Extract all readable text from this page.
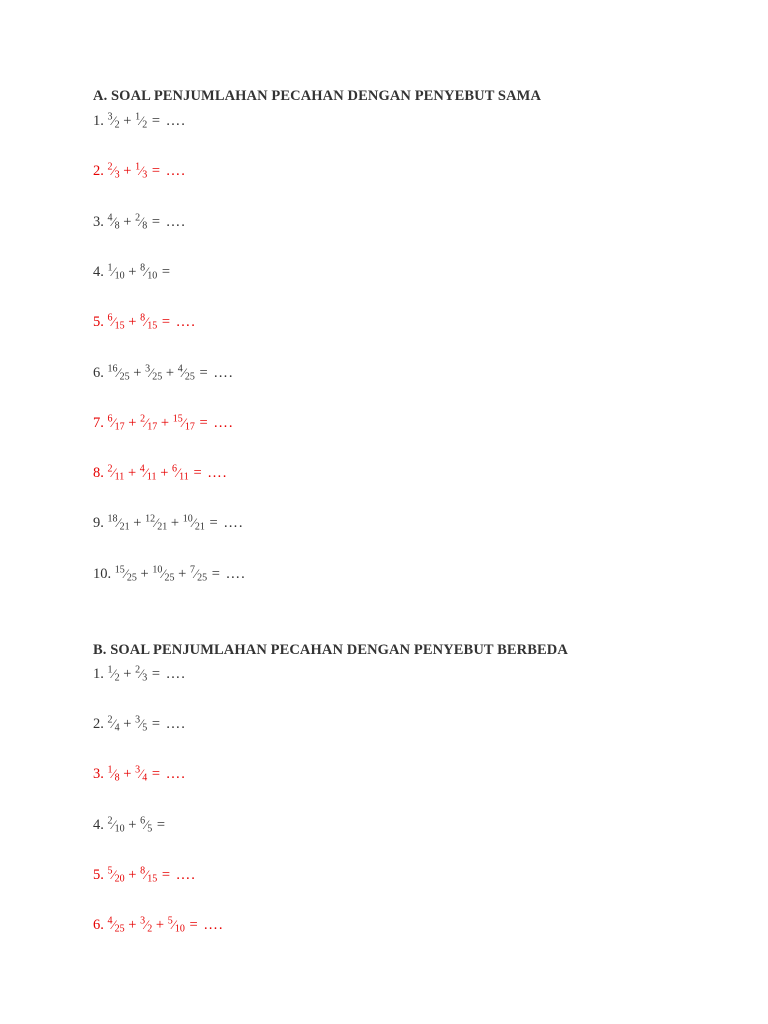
A. SOAL PENJUMLAHAN PECAHAN DENGAN PENYEBUT SAMA
1. $^3⁄_2$ + $^1⁄_2$ = ….
2. $^2⁄_3$ + $^1⁄_3$ = ….
3. $^4⁄_8$ + $^2⁄_8$ = ….
4. $^1⁄_{10}$ + $^8⁄_{10}$ =
5. $^6⁄_{15}$ + $^8⁄_{15}$ = ….
6. $^{16}⁄_{25}$ + $^3⁄_{25}$ + $^4⁄_{25}$ = ….
7. $^6⁄_{17}$ + $^2⁄_{17}$ + $^{15}⁄_{17}$ = ….
8. $^2⁄_{11}$ + $^4⁄_{11}$ + $^6⁄_{11}$ = ….
9. $^{18}⁄_{21}$ + $^{12}⁄_{21}$ + $^{10}⁄_{21}$ = ….
10. $^{15}⁄_{25}$ + $^{10}⁄_{25}$ + $^7⁄_{25}$ = ….
B. SOAL PENJUMLAHAN PECAHAN DENGAN PENYEBUT BERBEDA
1. $^1⁄_2$ + $^2⁄_3$ = ….
2. $^2⁄_4$ + $^3⁄_5$ = ….
3. $^1⁄_8$ + $^3⁄_4$ = ….
4. $^2⁄_{10}$ + $^6⁄_5$ =
5. $^5⁄_{20}$ + $^8⁄_{15}$ = ….
6. $^4⁄_{25}$ + $^3⁄_2$ + $^5⁄_{10}$ = ….
